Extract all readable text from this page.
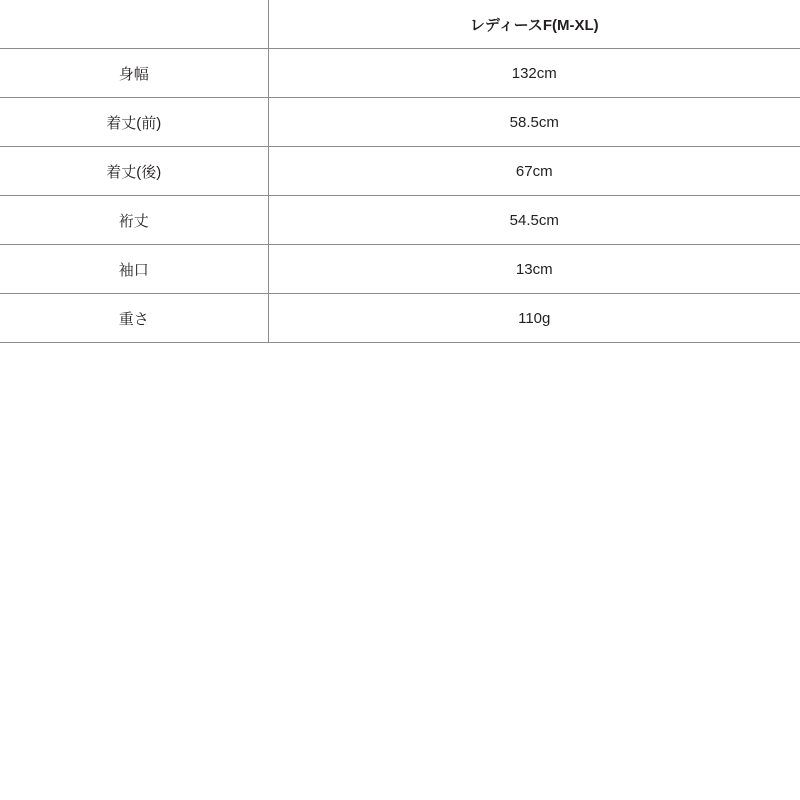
	レディースF(M-XL)
身幅	132cm
着丈(前)	58.5cm
着丈(後)	67cm
裄丈	54.5cm
袖口	13cm
重さ	110g
